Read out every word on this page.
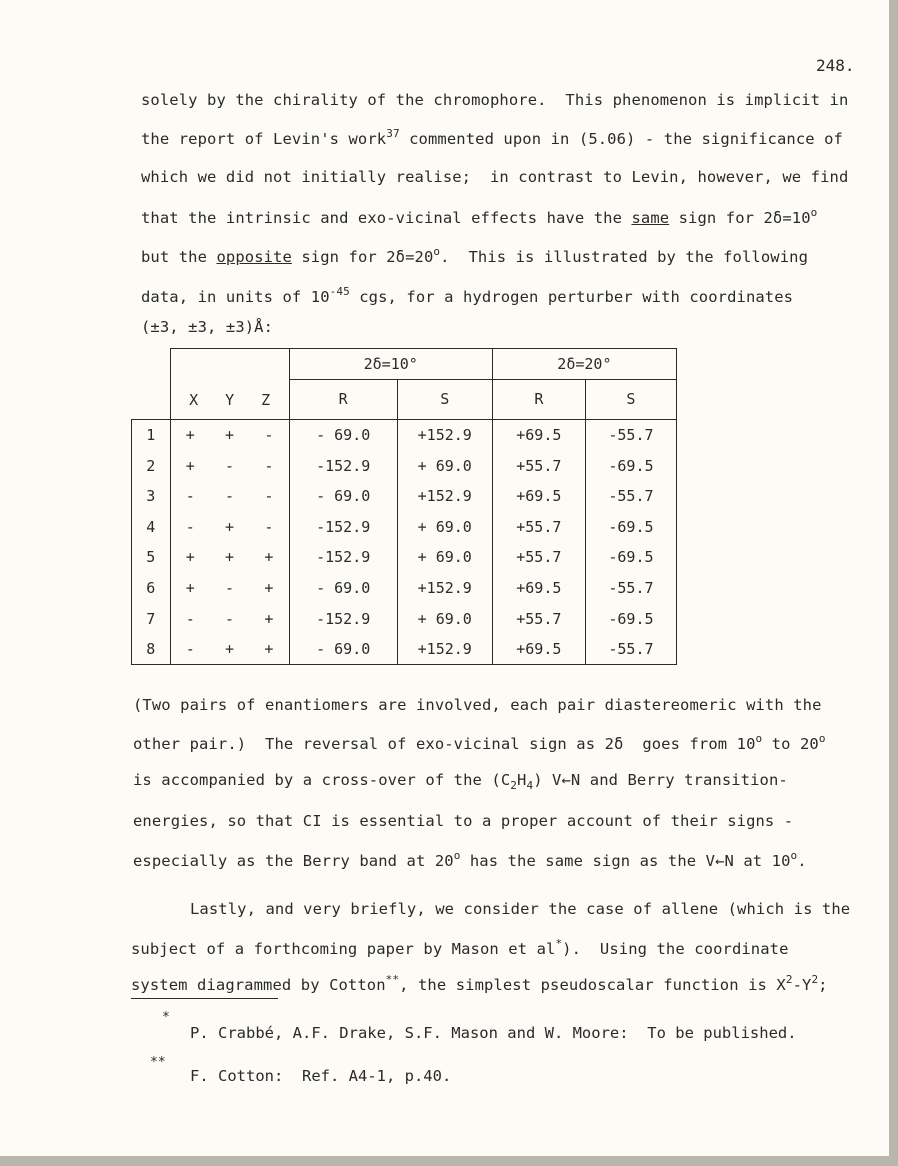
248.
solely by the chirality of the chromophore.  This phenomenon is implicit in
the report of Levin's work$^{37}$ commented upon in (5.06) - the significance of
which we did not initially realise;  in contrast to Levin, however, we find
that the intrinsic and exo-vicinal effects have the same sign for $2\delta=10^o$
but the opposite sign for $2\delta=20^o$.  This is illustrated by the following
data, in units of $10^{-45}$ cgs, for a hydrogen perturber with coordinates
(±3, ±3, ±3)Å:
	X Y Z			2δ=10°		2δ=20°	
				R	S	R	S
1	+	+	-	- 69.0	+152.9	+69.5	-55.7
2	+	-	-	-152.9	+ 69.0	+55.7	-69.5
3	-	-	-	- 69.0	+152.9	+69.5	-55.7
4	-	+	-	-152.9	+ 69.0	+55.7	-69.5
5	+	+	+	-152.9	+ 69.0	+55.7	-69.5
6	+	-	+	- 69.0	+152.9	+69.5	-55.7
7	-	-	+	-152.9	+ 69.0	+55.7	-69.5
8	-	+	+	- 69.0	+152.9	+69.5	-55.7
(Two pairs of enantiomers are involved, each pair diastereomeric with the
other pair.)  The reversal of exo-vicinal sign as 2δ  goes from 10$^o$ to 20$^o$
is accompanied by a cross-over of the $(C_2H_4)$ V←N and Berry transition-
energies, so that CI is essential to a proper account of their signs -
especially as the Berry band at 20$^o$ has the same sign as the V←N at 10$^o$.
Lastly, and very briefly, we consider the case of allene (which is the
subject of a forthcoming paper by Mason et al*).  Using the coordinate
system diagrammed by Cotton**, the simplest pseudoscalar function is $X^2-Y^2$;
*
P. Crabbé, A.F. Drake, S.F. Mason and W. Moore:  To be published.
**
F. Cotton:  Ref. A4-1, p.40.
